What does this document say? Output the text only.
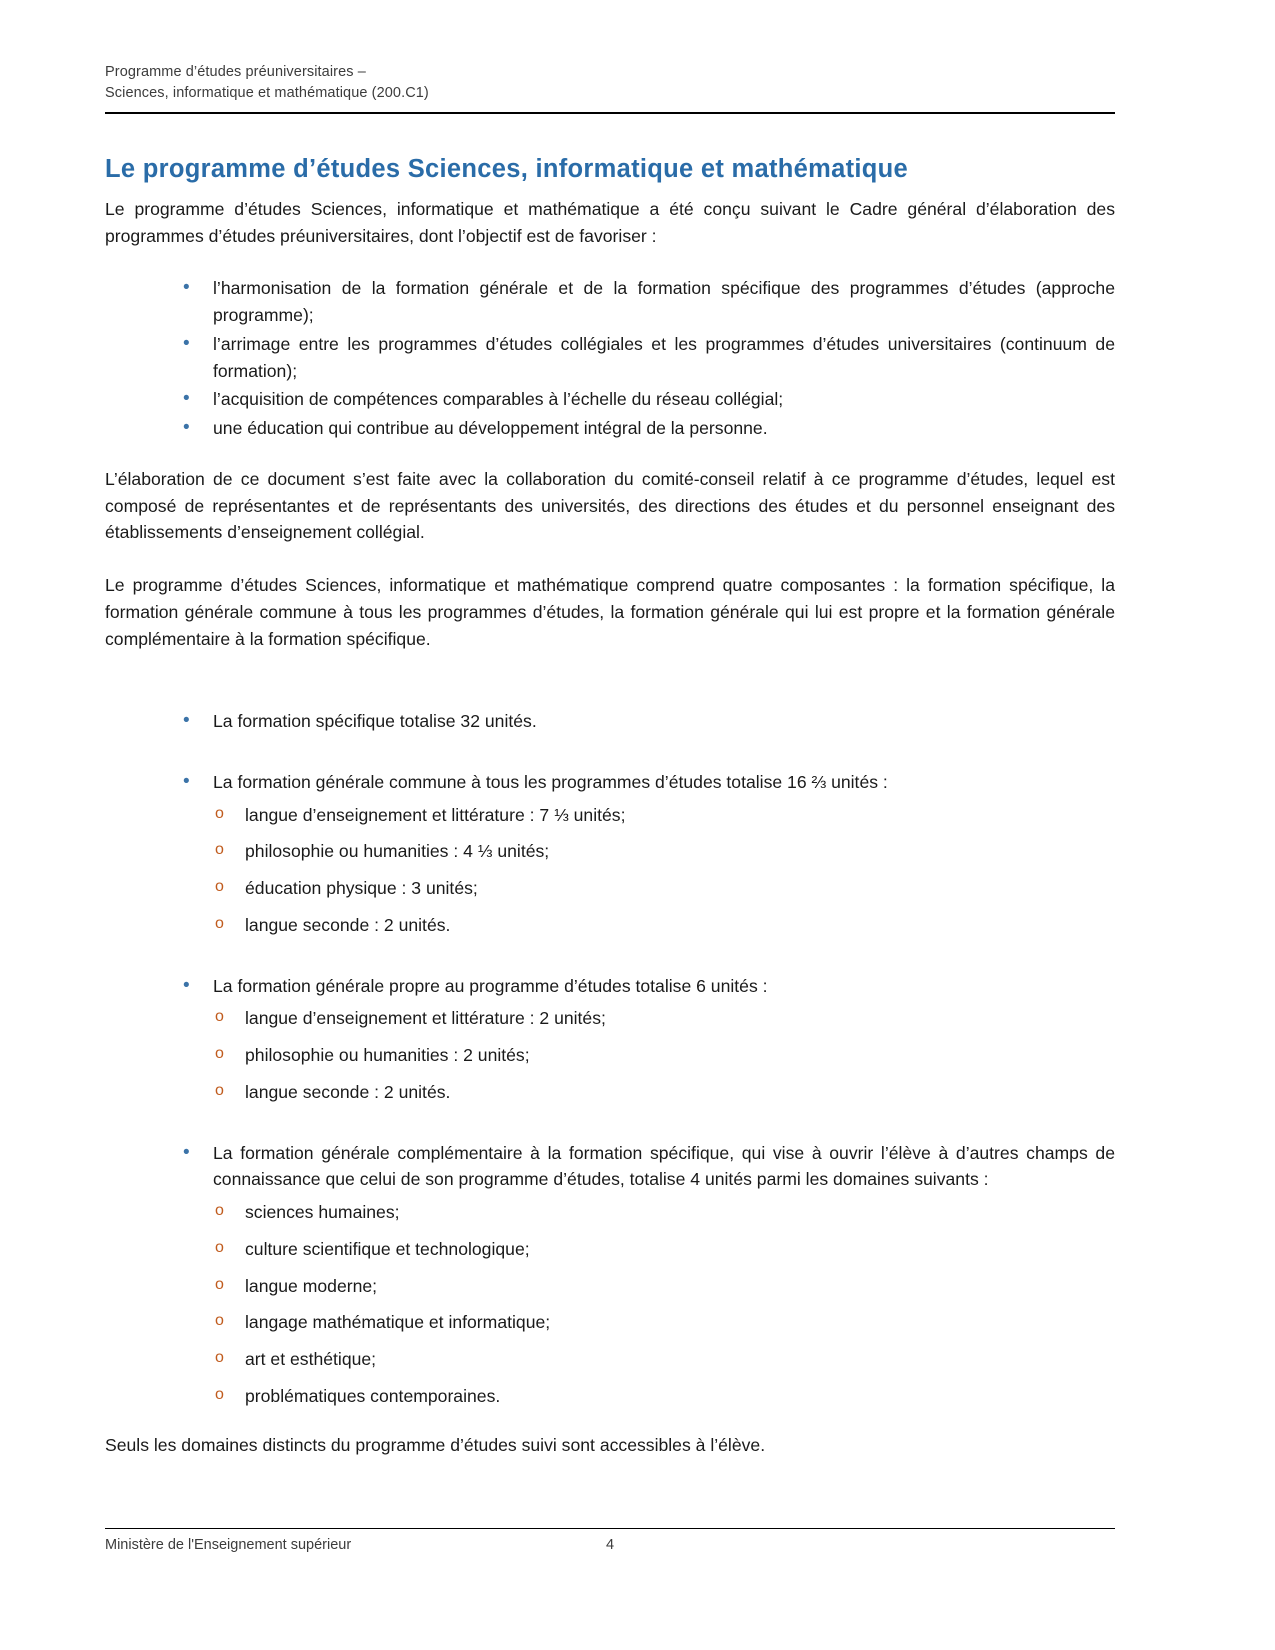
Programme d’études préuniversitaires –
Sciences, informatique et mathématique (200.C1)
Le programme d’études Sciences, informatique et mathématique

Le programme d’études Sciences, informatique et mathématique a été conçu suivant le Cadre général d’élaboration des programmes d’études préuniversitaires, dont l’objectif est de favoriser :

• l’harmonisation de la formation générale et de la formation spécifique des programmes d’études (approche programme);
• l’arrimage entre les programmes d’études collégiales et les programmes d’études universitaires (continuum de formation);
• l’acquisition de compétences comparables à l’échelle du réseau collégial;
• une éducation qui contribue au développement intégral de la personne.

L’élaboration de ce document s’est faite avec la collaboration du comité-conseil relatif à ce programme d’études, lequel est composé de représentantes et de représentants des universités, des directions des études et du personnel enseignant des établissements d’enseignement collégial.

Le programme d’études Sciences, informatique et mathématique comprend quatre composantes : la formation spécifique, la formation générale commune à tous les programmes d’études, la formation générale qui lui est propre et la formation générale complémentaire à la formation spécifique.

• La formation spécifique totalise 32 unités.
• La formation générale commune à tous les programmes d’études totalise 16 ⅔ unités :
o langue d’enseignement et littérature : 7 ⅓ unités;
o philosophie ou humanities : 4 ⅓ unités;
o éducation physique : 3 unités;
o langue seconde : 2 unités.
• La formation générale propre au programme d’études totalise 6 unités :
o langue d’enseignement et littérature : 2 unités;
o philosophie ou humanities : 2 unités;
o langue seconde : 2 unités.
• La formation générale complémentaire à la formation spécifique, qui vise à ouvrir l’élève à d’autres champs de connaissance que celui de son programme d’études, totalise 4 unités parmi les domaines suivants :
o sciences humaines;
o culture scientifique et technologique;
o langue moderne;
o langage mathématique et informatique;
o art et esthétique;
o problématiques contemporaines.

Seuls les domaines distincts du programme d’études suivi sont accessibles à l’élève.

Ministère de l'Enseignement supérieur	4
